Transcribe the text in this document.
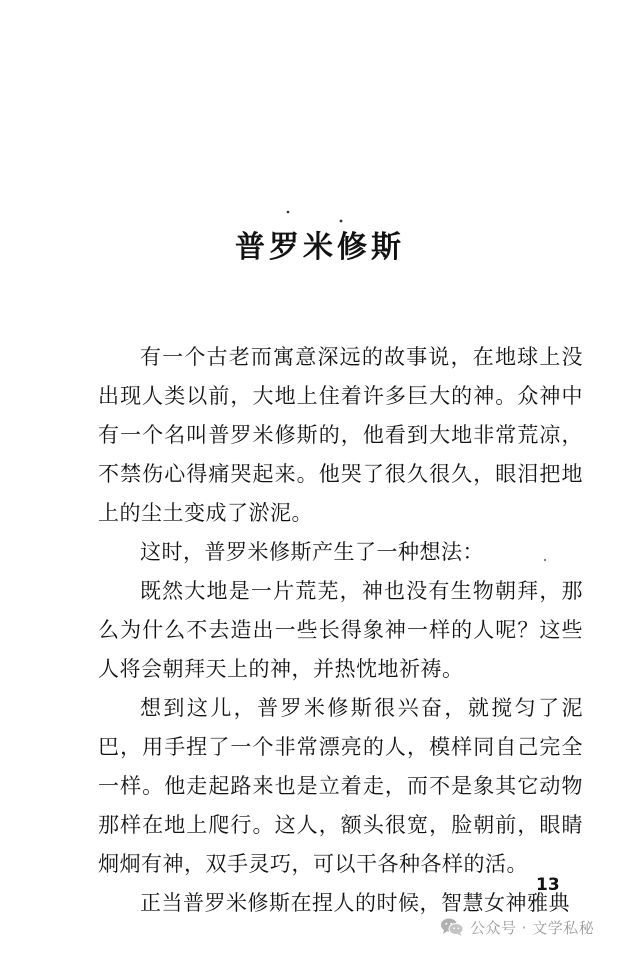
普罗米修斯

有一个古老而寓意深远的故事说，在地球上没出现人类以前，大地上住着许多巨大的神。众神中有一个名叫普罗米修斯的，他看到大地非常荒凉，不禁伤心得痛哭起来。他哭了很久很久，眼泪把地上的尘土变成了淤泥。

这时，普罗米修斯产生了一种想法：

既然大地是一片荒芜，神也没有生物朝拜，那么为什么不去造出一些长得象神一样的人呢？这些人将会朝拜天上的神，并热忱地祈祷。

想到这儿，普罗米修斯很兴奋，就搅匀了泥巴，用手捏了一个非常漂亮的人，模样同自己完全一样。他走起路来也是立着走，而不是象其它动物那样在地上爬行。这人，额头很宽，脸朝前，眼睛炯炯有神，双手灵巧，可以干各种各样的活。

正当普罗米修斯在捏人的时候，智慧女神雅典

13
公众号 · 文学私秘
